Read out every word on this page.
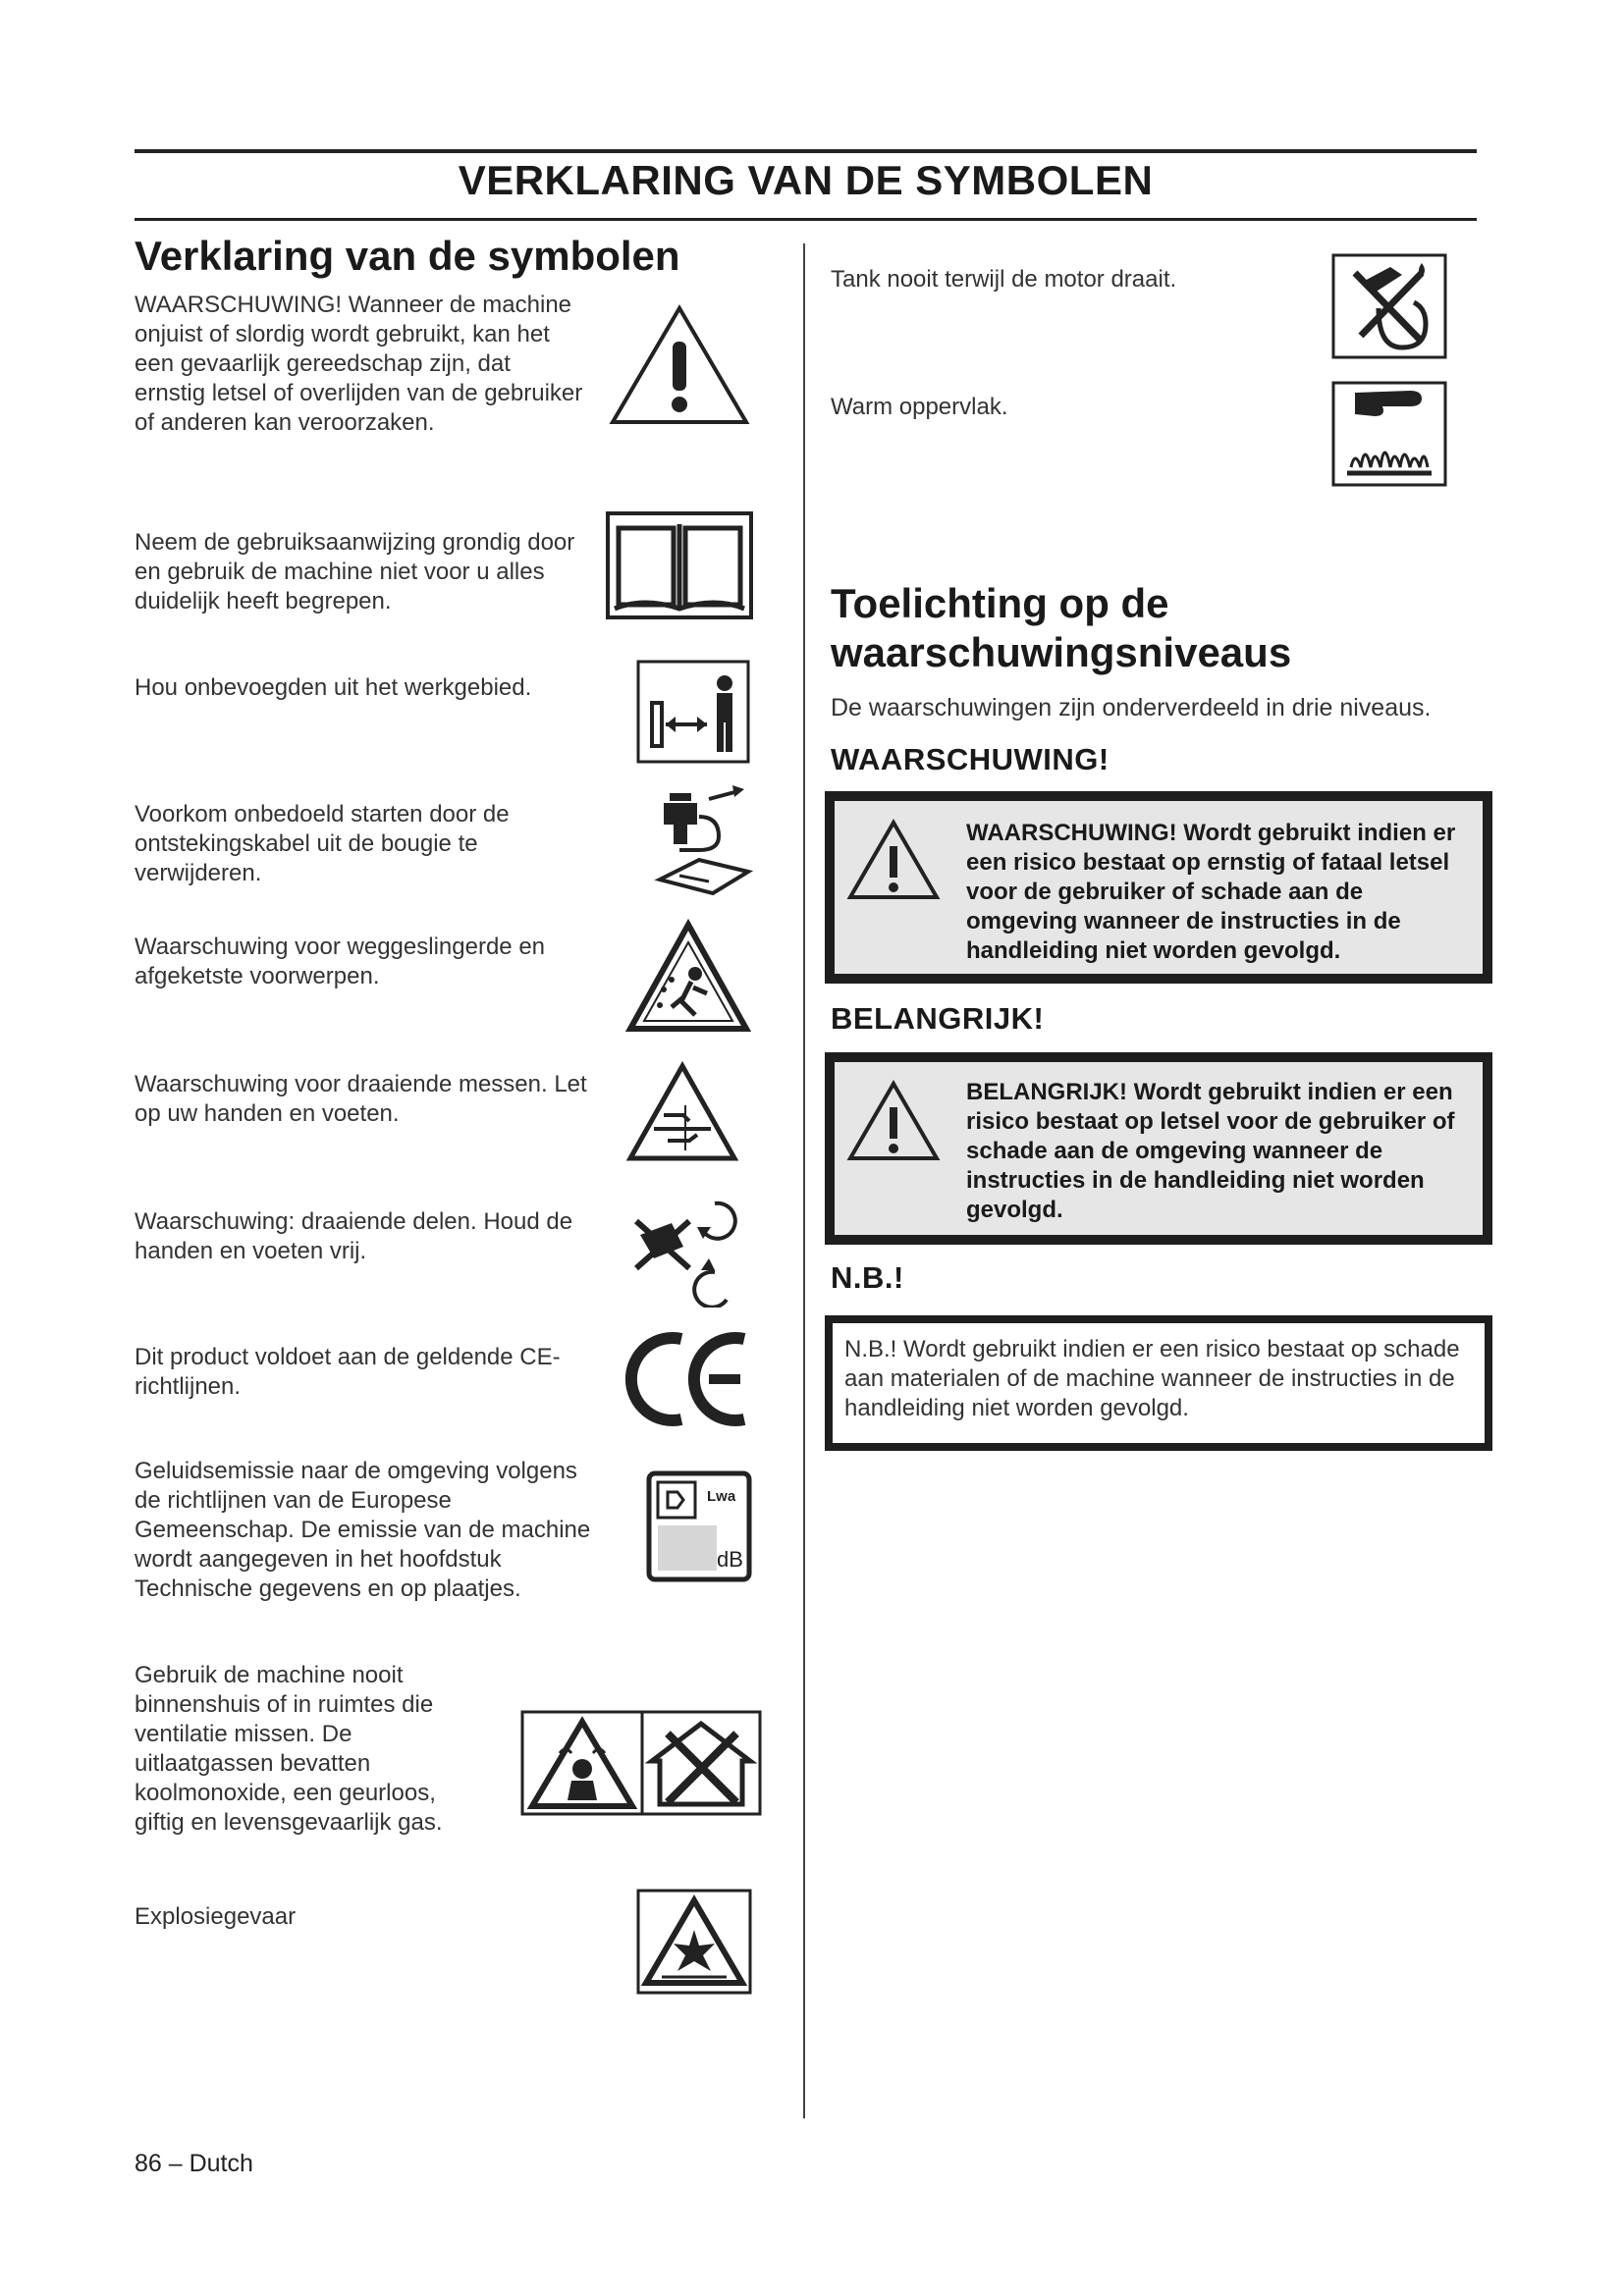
VERKLARING VAN DE SYMBOLEN
Verklaring van de symbolen
WAARSCHUWING! Wanneer de machine onjuist of slordig wordt gebruikt, kan het een gevaarlijk gereedschap zijn, dat ernstig letsel of overlijden van de gebruiker of anderen kan veroorzaken.
Neem de gebruiksaanwijzing grondig door en gebruik de machine niet voor u alles duidelijk heeft begrepen.
Hou onbevoegden uit het werkgebied.
Voorkom onbedoeld starten door de ontstekingskabel uit de bougie te verwijderen.
Waarschuwing voor weggeslingerde en afgeketste voorwerpen.
Waarschuwing voor draaiende messen. Let op uw handen en voeten.
Waarschuwing: draaiende delen. Houd de handen en voeten vrij.
Dit product voldoet aan de geldende CE-richtlijnen.
Geluidsemissie naar de omgeving volgens de richtlijnen van de Europese Gemeenschap. De emissie van de machine wordt aangegeven in het hoofdstuk Technische gegevens en op plaatjes.
Lwa
dB
Gebruik de machine nooit binnenshuis of in ruimtes die ventilatie missen. De uitlaatgassen bevatten koolmonoxide, een geurloos, giftig en levensgevaarlijk gas.
Explosiegevaar
Tank nooit terwijl de motor draait.
Warm oppervlak.
Toelichting op de waarschuwingsniveaus
De waarschuwingen zijn onderverdeeld in drie niveaus.
WAARSCHUWING!
WAARSCHUWING! Wordt gebruikt indien er een risico bestaat op ernstig of fataal letsel voor de gebruiker of schade aan de omgeving wanneer de instructies in de handleiding niet worden gevolgd.
BELANGRIJK!
BELANGRIJK! Wordt gebruikt indien er een risico bestaat op letsel voor de gebruiker of schade aan de omgeving wanneer de instructies in de handleiding niet worden gevolgd.
N.B.!
N.B.! Wordt gebruikt indien er een risico bestaat op schade aan materialen of de machine wanneer de instructies in de handleiding niet worden gevolgd.
86 – Dutch
